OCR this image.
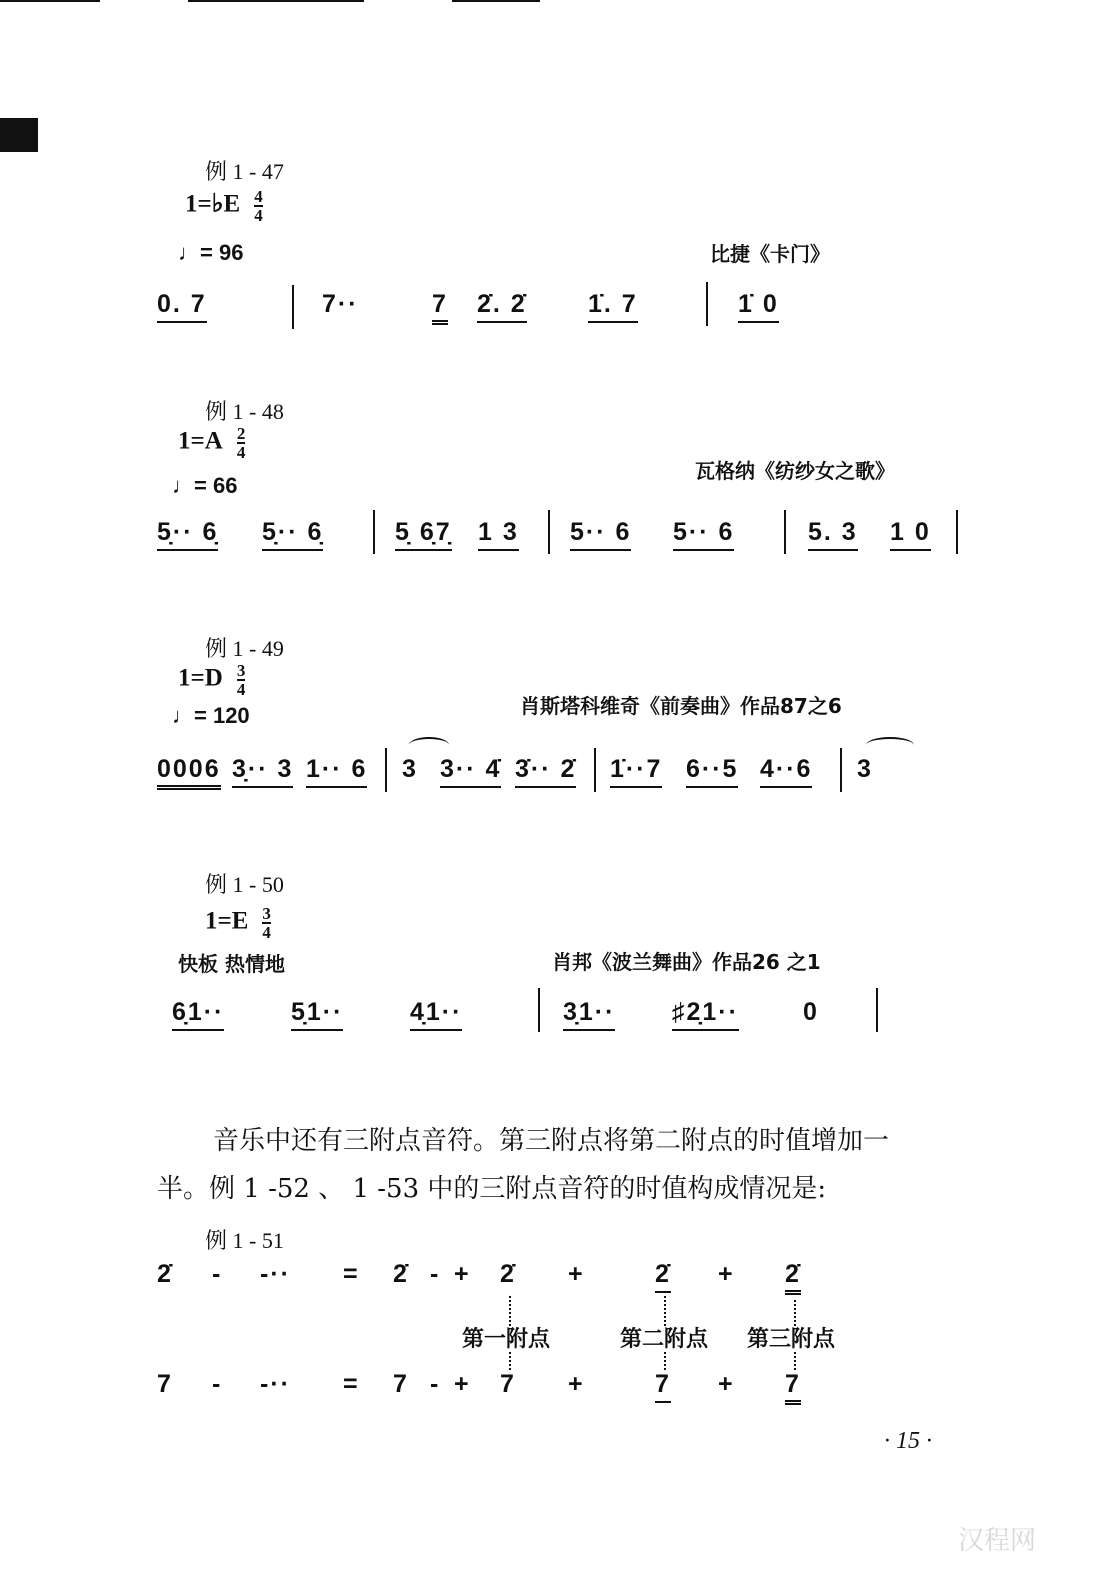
例 1 - 47
1=♭E $\frac{4}{4}$
♩= 96	比捷《卡门》
0. 7	7··	7 2̇. 2̇ 1̇. 7	1̇ 0
例 1 - 48
$1=A \frac{2}{4}$
♩= 66
瓦格纳《纺纱女之歌》
5̣·· 6̣ 5̣·· 6̣	5̣ 6̣7̣ 1 3 5·· 6 5·· 6	5. 3 1 0
例 1 - 49
$1=D \frac{3}{4}$
♩= 120	肖斯塔科维奇《前奏曲》作品87之6
0006 3̣·· 3 1·· 6 3 3·· 4̇ 3̇·· 2̇ 1̇··7 6··5 4··6 3
例 1 - 50
$1=E \frac{3}{4}$
快板 热情地	肖邦《波兰舞曲》作品26 之1
6̣1··	5̣1··	4̣1··	3̣1·· ♯2̣1··	0
音乐中还有三附点音符。第三附点将第二附点的时值增加一
半。例 1 -52 、 1 -53 中的三附点音符的时值构成情况是:
例 1 - 51
2̇ - -·· = 2̇ - + 2̇ +	2̇ + 2̇
第一附点	第二附点 第三附点
7 - -·· = 7 - + 7 +	7 + 7
· 15 ·
汉程网
